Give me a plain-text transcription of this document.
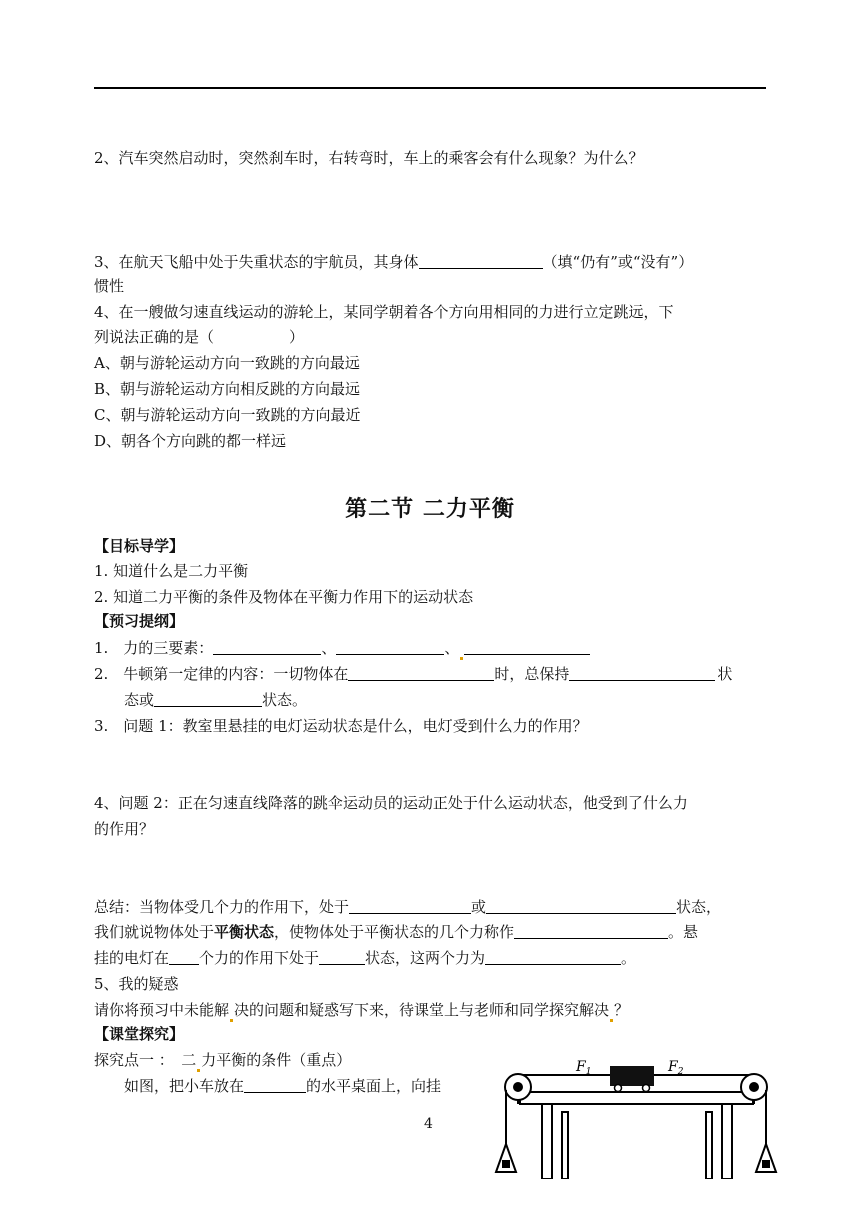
2、汽车突然启动时，突然刹车时，右转弯时，车上的乘客会有什么现象？为什么？
3、在航天飞船中处于失重状态的宇航员，其身体	（填“仍有”或“没有”）
惯性
4、在一艘做匀速直线运动的游轮上，某同学朝着各个方向用相同的力进行立定跳远，下
列说法正确的是（　　　　　）
A、朝与游轮运动方向一致跳的方向最远
B、朝与游轮运动方向相反跳的方向最远
C、朝与游轮运动方向一致跳的方向最近
D、朝各个方向跳的都一样远
第二节 二力平衡
【目标导学】
1. 知道什么是二力平衡
2. 知道二力平衡的条件及物体在平衡力作用下的运动状态
【预习提纲】
1.　力的三要素：	、	、
2.　牛顿第一定律的内容：一切物体在	时，总保持	状
态或	状态。
3.　问题 1：教室里悬挂的电灯运动状态是什么，电灯受到什么力的作用？
4、问题 2：正在匀速直线降落的跳伞运动员的运动正处于什么运动状态，他受到了什么力
的作用？
总结：当物体受几个力的作用下，处于	或	状态，
我们就说物体处于平衡状态，使物体处于平衡状态的几个力称作	。悬
挂的电灯在 个力的作用下处于	状态，这两个力为	。
5、我的疑惑
请你将预习中未能解 决的问题和疑惑写下来，待课堂上与老师和同学探究解决 ？
【课堂探究】
探究点一 ：　二 力平衡的条件（重点）
　　如图，把小车放在	的水平桌面上，向挂
4
$F_1$	$F_2$
